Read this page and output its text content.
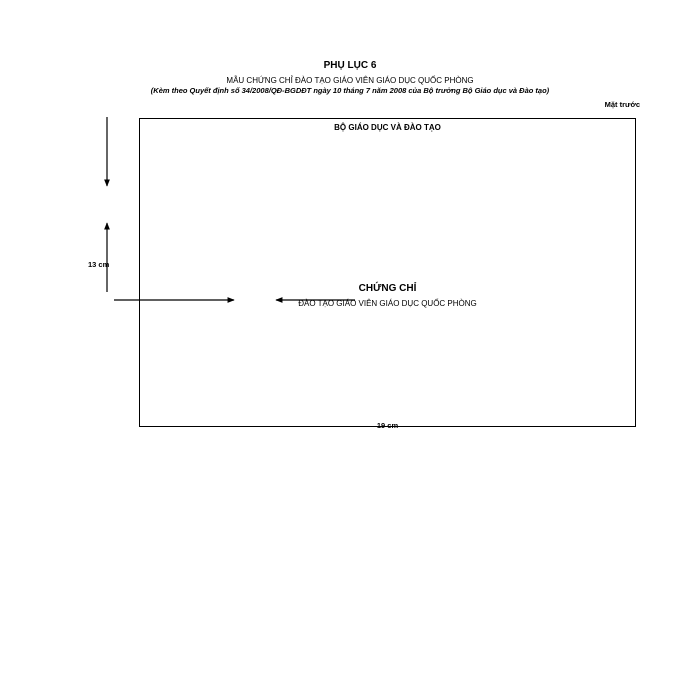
PHỤ LỤC 6
MẪU CHỨNG CHỈ ĐÀO TẠO GIÁO VIÊN GIÁO DỤC QUỐC PHÒNG
(Kèm theo Quyết định số 34/2008/QĐ-BGDĐT ngày 10 tháng 7 năm 2008 của Bộ trưởng Bộ Giáo dục và Đào tạo)
Mặt trước
BỘ GIÁO DỤC VÀ ĐÀO TẠO
CHỨNG CHỈ
ĐÀO TẠO GIÁO VIÊN GIÁO DỤC QUỐC PHÒNG
19 cm
13 cm
